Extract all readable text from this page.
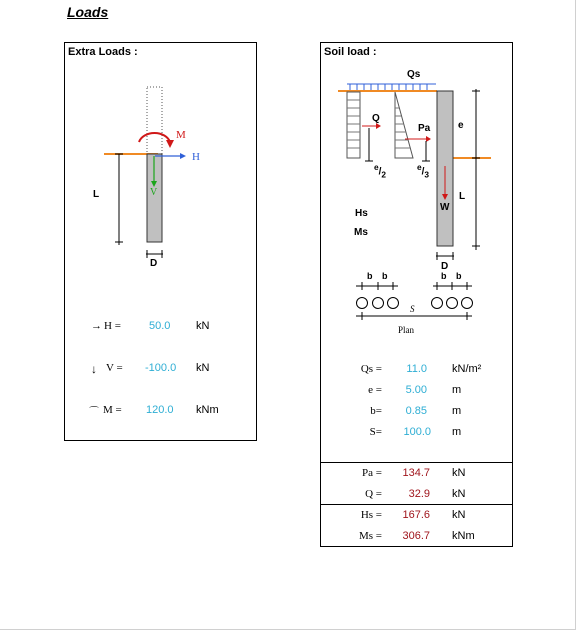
Loads
Extra Loads :
M
H
V
L
D
→ H =	50.0 kN
↓ V = -100.0 kN
⌒ M = 120.0 kNm
Soil load :
Qs
Q
Pa	e
$^e/_2$
$^e/_3$
L
W
Hs
Ms
D
b b	b b
S
Plan
Qs =	11.0 kN/m²
e =	5.00 m
b=	0.85 m
S=	100.0 m
Pa =	134.7 kN
Q =	32.9 kN
Hs =	167.6 kN
Ms =	306.7 kNm
